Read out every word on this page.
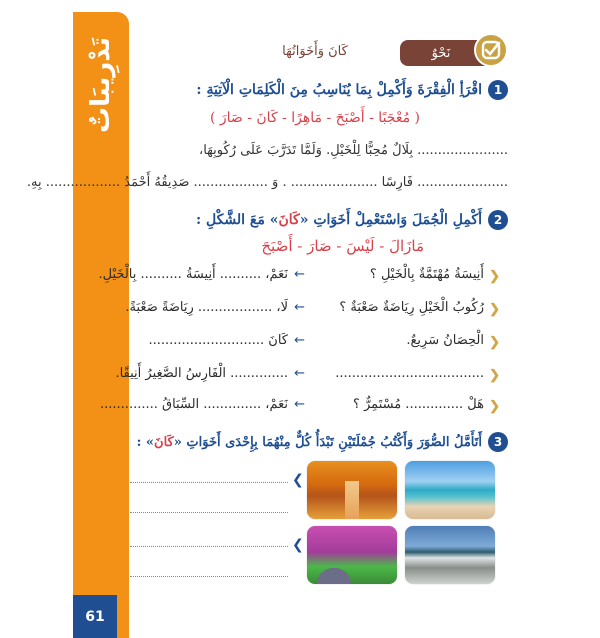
تَدْرِيبَاتٌ
61
كَانَ وَأَخَوَاتُهَا	نَحْوٌ
1
اقْرَأِ الْفِقْرَةَ وَأَكْمِلْ بِمَا يُنَاسِبُ مِنَ الْكَلِمَاتِ الْآتِيَةِ :
( مُعْجَبًا - أَصْبَحَ - مَاهِرًا - كَانَ - صَارَ )
...................... بِلَالٌ مُحِبًّا لِلْخَيْلِ. وَلَمَّا تَدَرَّبَ عَلَى رُكُوبِهَا،
...................... فَارِسًا ..................... . وَ .................. صَدِيقُهُ أَحْمَدُ .................. بِهِ.
2
أَكْمِلِ الْجُمَلَ وَاسْتَعْمِلْ أَخَوَاتِ «كَانَ» مَعَ الشَّكْلِ :
مَازَالَ - لَيْسَ - صَارَ - أَصْبَحَ
❮
أَنِيسَةُ مُهْتَمَّةٌ بِالْخَيْلِ ؟
←
نَعَمْ، .......... أَنِيسَةُ .......... بِالْخَيْلِ.
❮
رُكُوبُ الْخَيْلِ رِيَاضَةٌ صَعْبَةٌ ؟
←
لَا، .................. رِيَاضَةً صَعْبَةً.
❮
الْحِصَانُ سَرِيعٌ.
←
كَانَ ............................
❮
....................................
←
.............. الْفَارِسُ الصَّغِيرُ أَنِيقًا.
❮
هَلْ .............. مُسْتَمِرٌّ ؟
←
نَعَمْ، .............. السِّبَاقُ ..............
3
أَتَأَمَّلُ الصُّوَرَ وَأَكْتُبُ جُمْلَتَيْنِ تَبْدَأُ كُلٌّ مِنْهُمَا بِإِحْدَى أَخَوَاتِ «كَانَ» :
❮
❮
